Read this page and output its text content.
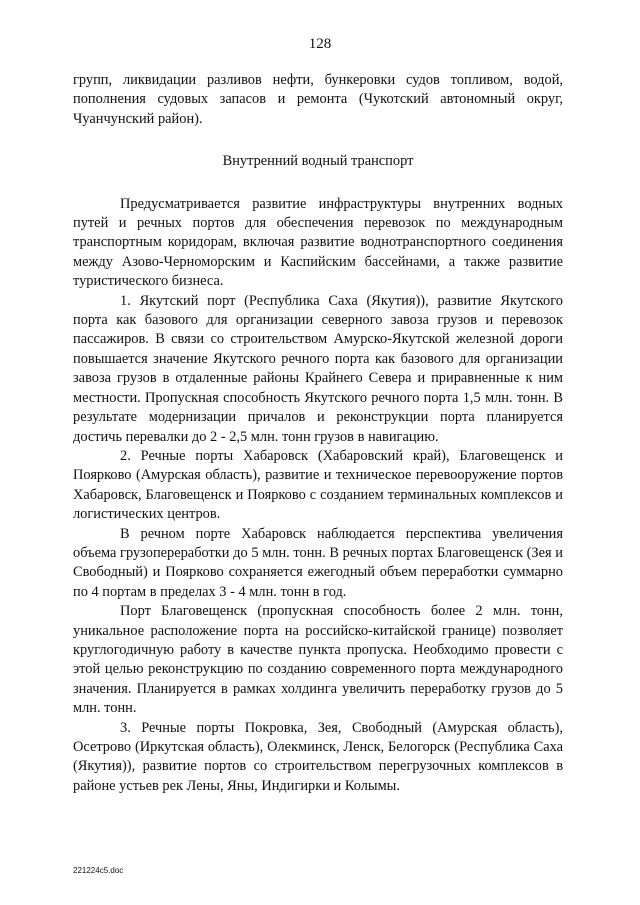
128

групп, ликвидации разливов нефти, бункеровки судов топливом, водой, пополнения судовых запасов и ремонта (Чукотский автономный округ, Чуанчунский район).

Внутренний водный транспорт

Предусматривается развитие инфраструктуры внутренних водных путей и речных портов для обеспечения перевозок по международным транспортным коридорам, включая развитие воднотранспортного соединения между Азово-Черноморским и Каспийским бассейнами, а также развитие туристического бизнеса.

1. Якутский порт (Республика Саха (Якутия)), развитие Якутского порта как базового для организации северного завоза грузов и перевозок пассажиров. В связи со строительством Амурско-Якутской железной дороги повышается значение Якутского речного порта как базового для организации завоза грузов в отдаленные районы Крайнего Севера и приравненные к ним местности. Пропускная способность Якутского речного порта 1,5 млн. тонн. В результате модернизации причалов и реконструкции порта планируется достичь перевалки до 2 - 2,5 млн. тонн грузов в навигацию.

2. Речные порты Хабаровск (Хабаровский край), Благовещенск и Поярково (Амурская область), развитие и техническое перевооружение портов Хабаровск, Благовещенск и Поярково с созданием терминальных комплексов и логистических центров.

В речном порте Хабаровск наблюдается перспектива увеличения объема грузопереработки до 5 млн. тонн. В речных портах Благовещенск (Зея и Свободный) и Поярково сохраняется ежегодный объем переработки суммарно по 4 портам в пределах 3 - 4 млн. тонн в год.

Порт Благовещенск (пропускная способность более 2 млн. тонн, уникальное расположение порта на российско-китайской границе) позволяет круглогодичную работу в качестве пункта пропуска. Необходимо провести с этой целью реконструкцию по созданию современного порта международного значения. Планируется в рамках холдинга увеличить переработку грузов до 5 млн. тонн.

3. Речные порты Покровка, Зея, Свободный (Амурская область), Осетрово (Иркутская область), Олекминск, Ленск, Белогорск (Республика Саха (Якутия)), развитие портов со строительством перегрузочных комплексов в районе устьев рек Лены, Яны, Индигирки и Колымы.

221224c5.doc
